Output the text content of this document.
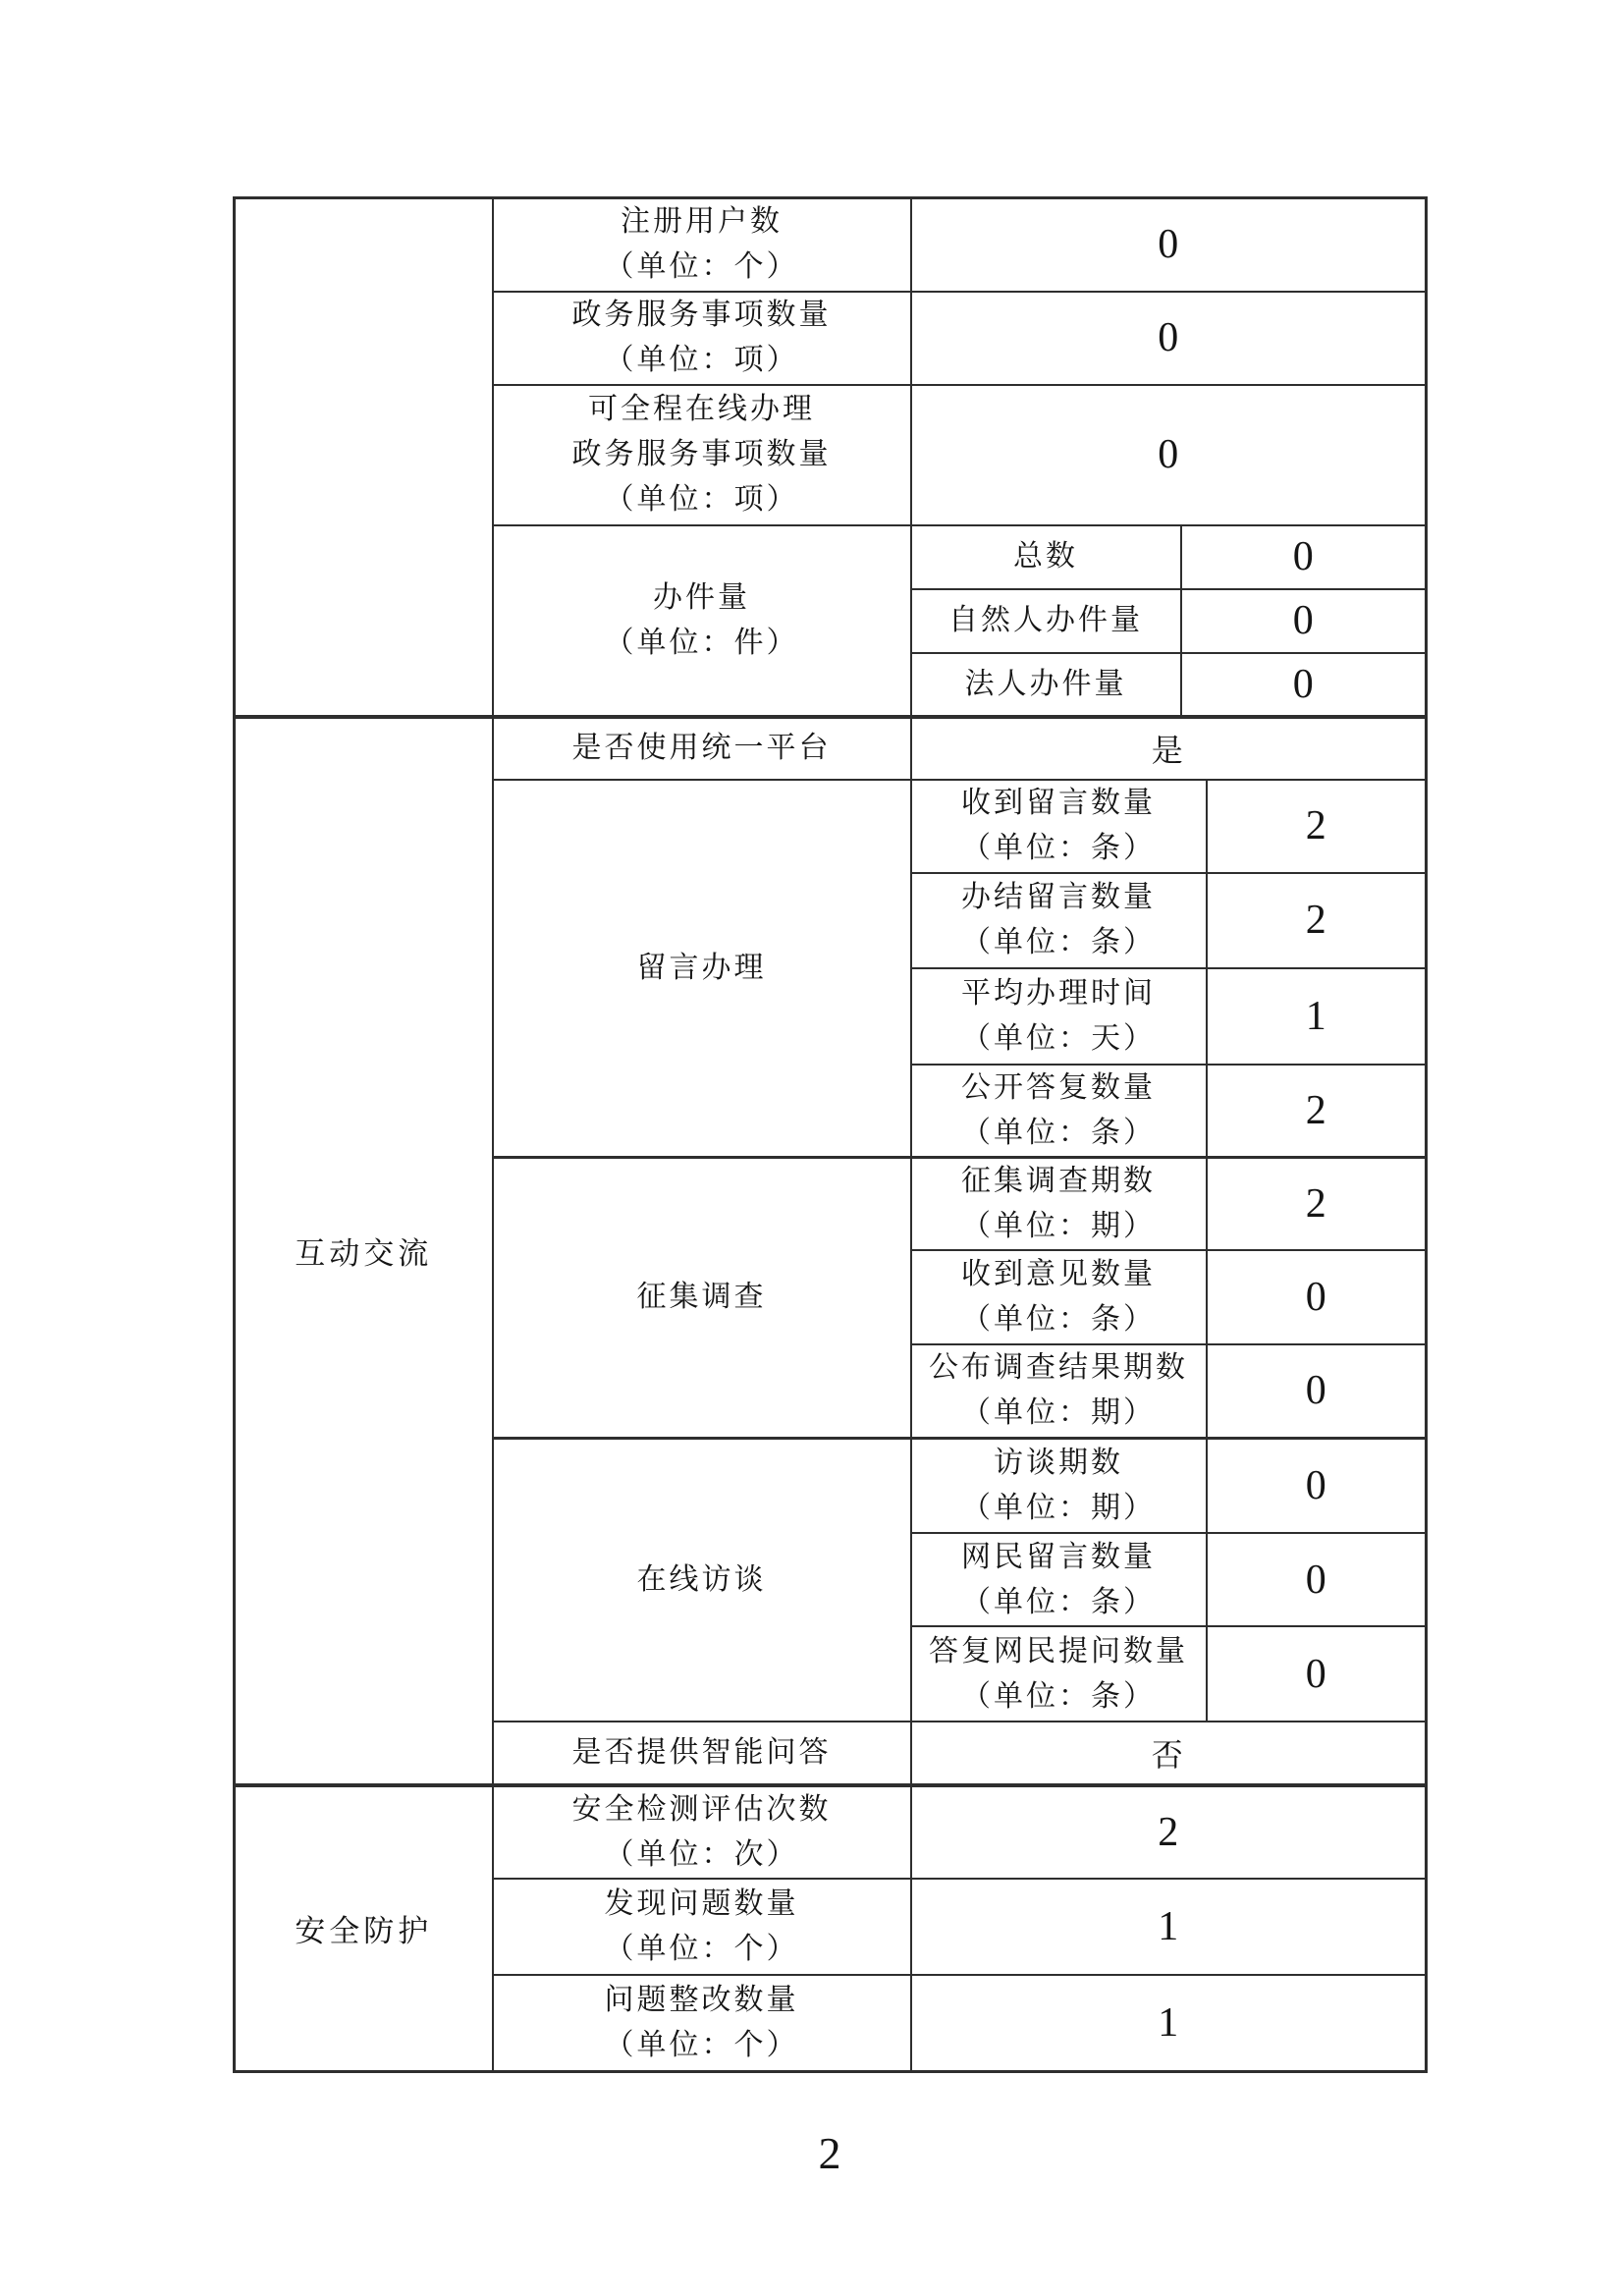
	注册用户数
（单位：个）	0		

	政务服务事项数量
（单位：项）	0		

	可全程在线办理
政务服务事项数量
（单位：项）	0		

	办件量
（单位：件）	总数	0	
		自然人办件量	0	
		法人办件量	0	

互动交流	是否使用统一平台	是		
	留言办理	收到留言数量
（单位：条）		2

		办结留言数量
（单位：条）		2

		平均办理时间
（单位：天）		1

		公开答复数量
（单位：条）		2
	征集调查	征集调查期数
（单位：期）		2

		收到意见数量
（单位：条）		0

		公布调查结果期数
（单位：期）		0
	在线访谈	访谈期数
（单位：期）		0

		网民留言数量
（单位：条）		0

		答复网民提问数量
（单位：条）		0
	是否提供智能问答	否		

安全防护	安全检测评估次数
（单位：次）	2		

	发现问题数量
（单位：个）	1		

	问题整改数量
（单位：个）	1		
2
